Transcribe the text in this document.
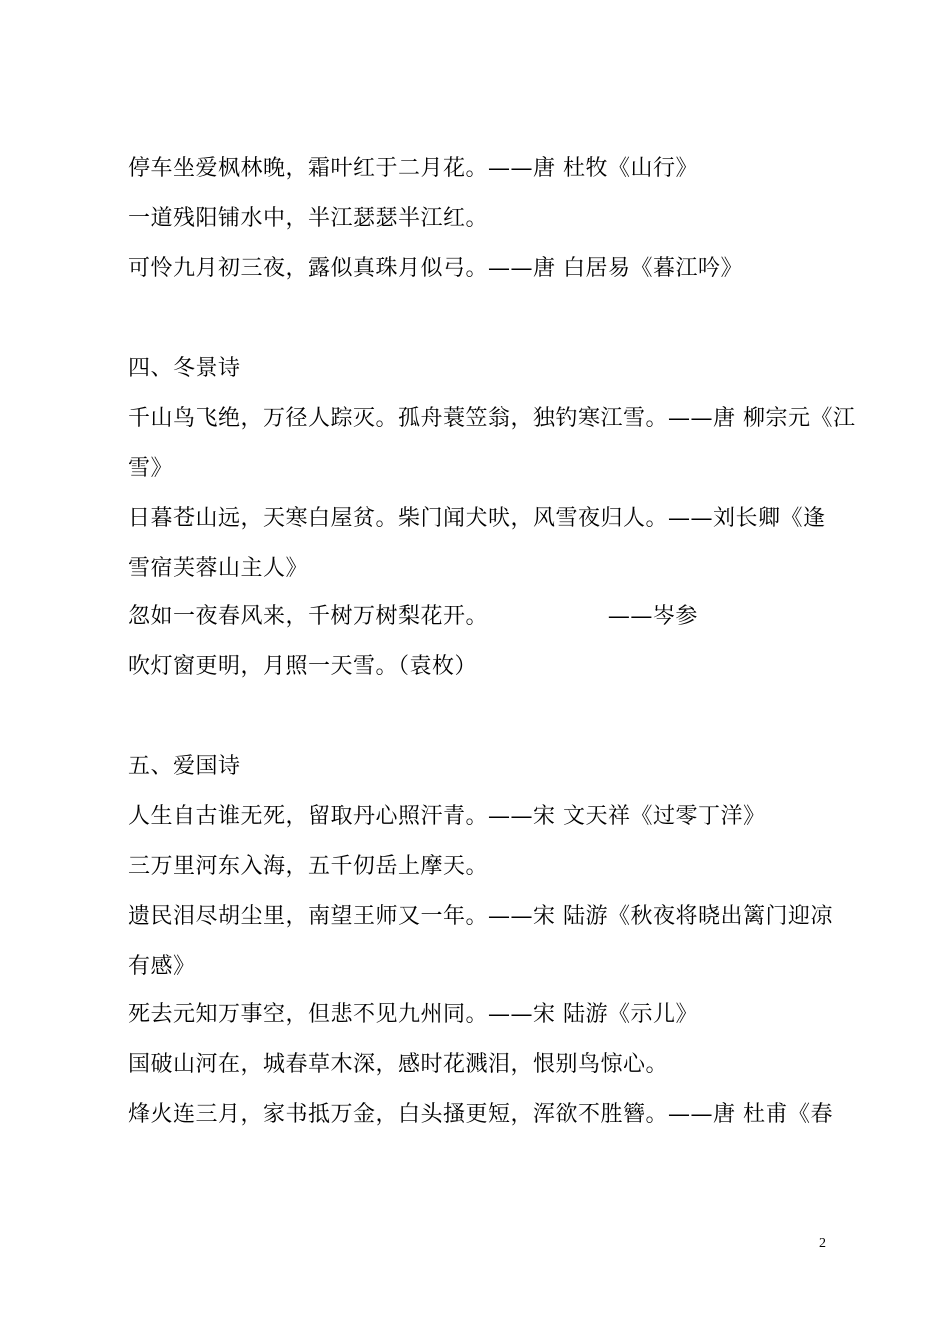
停车坐爱枫林晚，霜叶红于二月花。——唐 杜牧《山行》
一道残阳铺水中，半江瑟瑟半江红。
可怜九月初三夜，露似真珠月似弓。——唐 白居易《暮江吟》
四、冬景诗
千山鸟飞绝，万径人踪灭。孤舟蓑笠翁，独钓寒江雪。——唐 柳宗元《江
雪》
日暮苍山远，天寒白屋贫。柴门闻犬吠，风雪夜归人。——刘长卿《逢
雪宿芙蓉山主人》
忽如一夜春风来，千树万树梨花开。                ——岑参
吹灯窗更明，月照一天雪。（袁枚）
五、爱国诗
人生自古谁无死，留取丹心照汗青。——宋 文天祥《过零丁洋》
三万里河东入海，五千仞岳上摩天。
遗民泪尽胡尘里，南望王师又一年。——宋 陆游《秋夜将晓出篱门迎凉
有感》
死去元知万事空，但悲不见九州同。——宋 陆游《示儿》
国破山河在，城春草木深，感时花溅泪，恨别鸟惊心。
烽火连三月，家书抵万金，白头搔更短，浑欲不胜簪。——唐 杜甫《春
2
